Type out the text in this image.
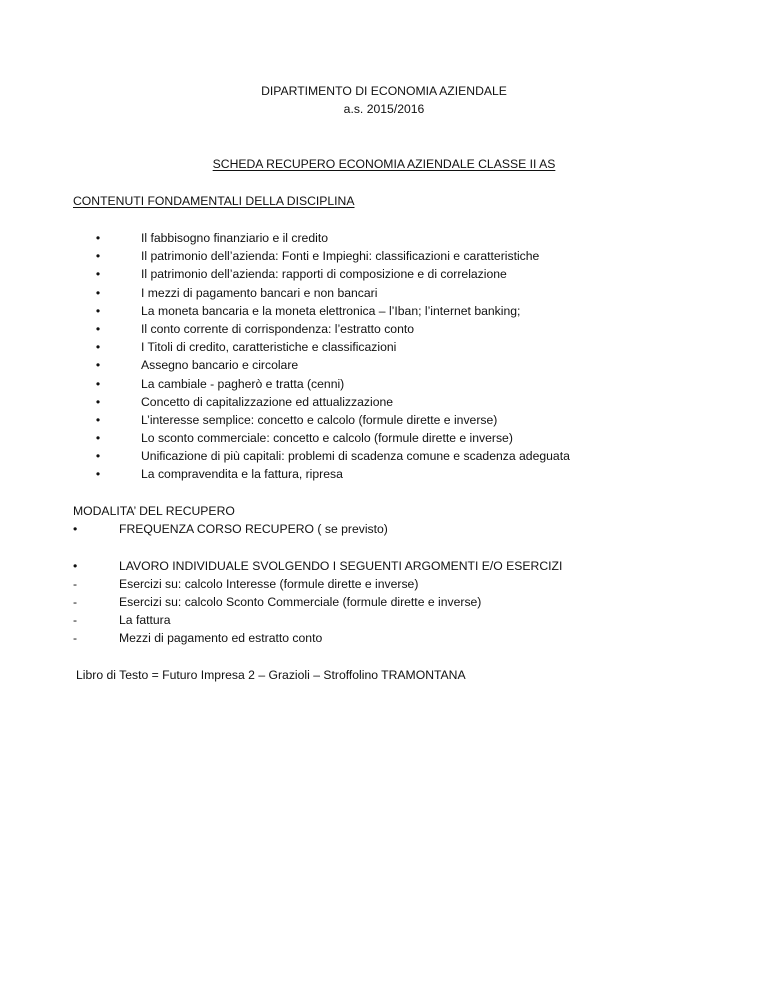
DIPARTIMENTO DI ECONOMIA AZIENDALE
a.s. 2015/2016
SCHEDA RECUPERO ECONOMIA AZIENDALE CLASSE II AS
CONTENUTI FONDAMENTALI DELLA DISCIPLINA
•	Il fabbisogno finanziario e il credito
•	Il patrimonio dell’azienda: Fonti e Impieghi: classificazioni e caratteristiche
•	Il patrimonio dell’azienda: rapporti di composizione e di correlazione
•	I mezzi di pagamento bancari e non bancari
•	La moneta bancaria e la moneta elettronica – l’Iban; l’internet banking;
•	Il conto corrente di corrispondenza: l’estratto conto
•	I Titoli di credito, caratteristiche e classificazioni
•	Assegno bancario e circolare
•	La cambiale - pagherò e tratta (cenni)
•	Concetto di capitalizzazione ed attualizzazione
•	L’interesse semplice: concetto e calcolo (formule dirette e inverse)
•	Lo sconto commerciale: concetto e calcolo (formule dirette e inverse)
•	Unificazione di più capitali: problemi di scadenza comune e scadenza adeguata
•	La compravendita e la fattura, ripresa
MODALITA’ DEL RECUPERO
•	FREQUENZA CORSO RECUPERO ( se previsto)
•	LAVORO INDIVIDUALE SVOLGENDO I SEGUENTI ARGOMENTI E/O ESERCIZI
-	Esercizi su: calcolo Interesse (formule dirette e inverse)
-	Esercizi su: calcolo Sconto Commerciale (formule dirette e inverse)
-	La fattura
-	Mezzi di pagamento ed estratto conto
Libro di Testo = Futuro Impresa 2 – Grazioli – Stroffolino TRAMONTANA
